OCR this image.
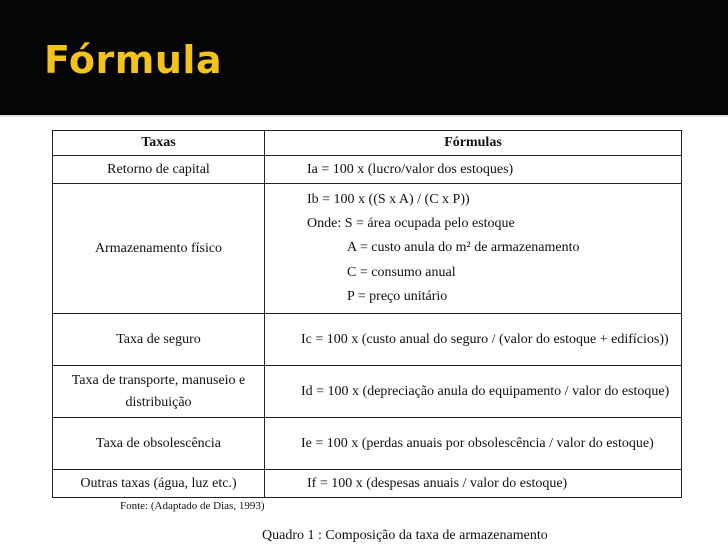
Fórmula
Taxas	Fórmulas
Retorno de capital	Ia = 100 x (lucro/valor dos estoques)

Armazenamento físico	Ib = 100 x ((S x A) / (C x P))
Onde: S = área ocupada pelo estoque
A = custo anula do m² de armazenamento
C = consumo anual
P = preço unitário

Taxa de seguro	Ic = 100 x (custo anual do seguro / (valor do estoque + edifícios))
Taxa de transporte, manuseio e distribuição	Id = 100 x (depreciação anula do equipamento / valor do estoque)
Taxa de obsolescência	Ie = 100 x (perdas anuais por obsolescência / valor do estoque)
Outras taxas (água, luz etc.)	If = 100 x (despesas anuais / valor do estoque)
Fonte: (Adaptado de Dias, 1993)
Quadro 1 : Composição da taxa de armazenamento
